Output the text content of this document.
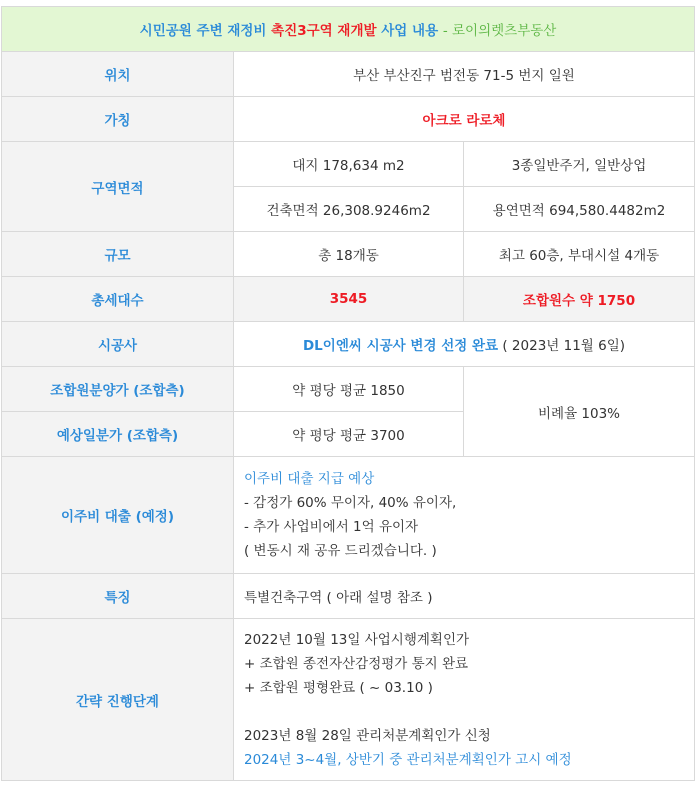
시민공원 주변 재정비 촉진3구역 재개발 사업 내용 - 로이의렛츠부동산		
위치	부산 부산진구 범전동 71-5 번지 일원	
가칭	아크로 라로체	
구역면적	대지 178,634 m2	3종일반주거, 일반상업
	건축면적 26,308.9246m2	용연면적 694,580.4482m2
규모	총 18개동	최고 60층, 부대시설 4개동
총세대수	3545	조합원수 약 1750
시공사	DL이엔씨 시공사 변경 선정 완료 ( 2023년 11월 6일)	
조합원분양가 (조합측)	약 평당 평균 1850	비례율 103%
예상일분가 (조합측)	약 평당 평균 3700	
이주비 대출 (예정)	이주비 대출 지급 예상
- 감정가 60% 무이자, 40% 유이자,
- 추가 사업비에서 1억 유이자
( 변동시 재 공유 드리겠습니다. )	

특징	특별건축구역 ( 아래 설명 참조 )	
간략 진행단계	2022년 10월 13일 사업시행계획인가
+ 조합원 종전자산감정평가 통지 완료
+ 조합원 평형완료 ( ~ 03.10 )
2023년 8월 28일 관리처분계획인가 신청
2024년 3~4월, 상반기 중 관리처분계획인가 고시 예정	
